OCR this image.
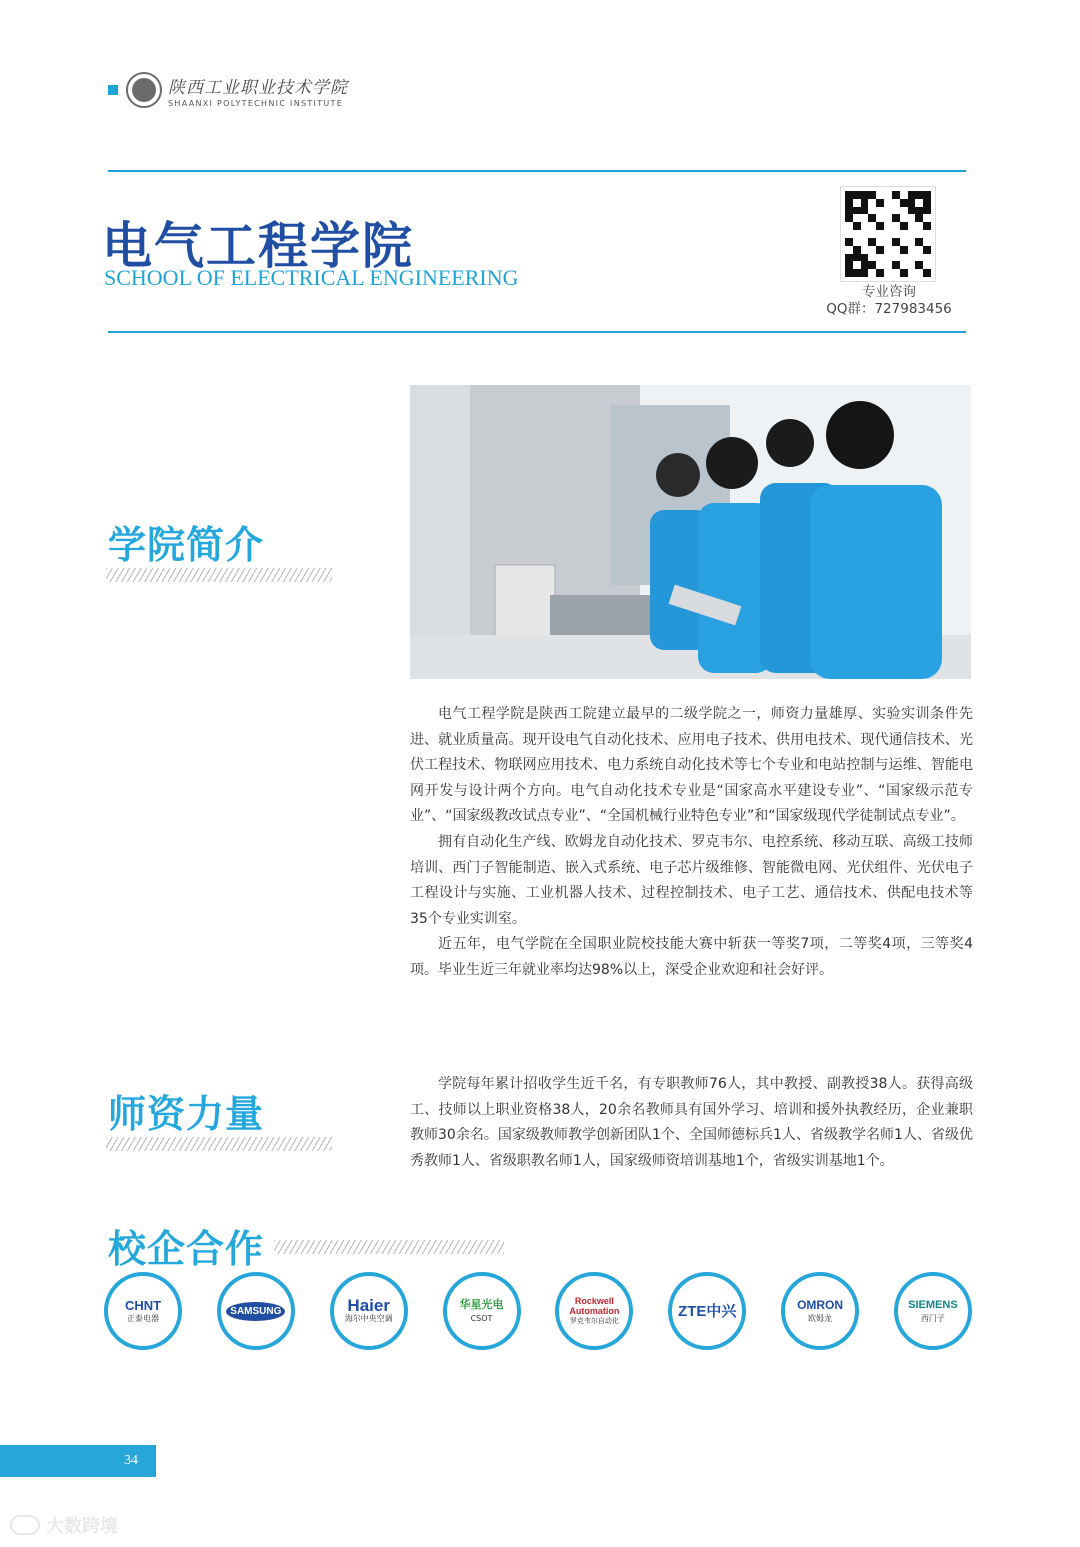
陕西工业职业技术学院
SHAANXI POLYTECHNIC INSTITUTE
电气工程学院
SCHOOL OF ELECTRICAL ENGINEERING
专业咨询
QQ群：727983456
学院简介

电气工程学院是陕西工院建立最早的二级学院之一，师资力量雄厚、实验实训条件先进、就业质量高。现开设电气自动化技术、应用电子技术、供用电技术、现代通信技术、光伏工程技术、物联网应用技术、电力系统自动化技术等七个专业和电站控制与运维、智能电网开发与设计两个方向。电气自动化技术专业是“国家高水平建设专业”、“国家级示范专业”、“国家级教改试点专业”、“全国机械行业特色专业”和“国家级现代学徒制试点专业”。

拥有自动化生产线、欧姆龙自动化技术、罗克韦尔、电控系统、移动互联、高级工技师培训、西门子智能制造、嵌入式系统、电子芯片级维修、智能微电网、光伏组件、光伏电子工程设计与实施、工业机器人技术、过程控制技术、电子工艺、通信技术、供配电技术等35个专业实训室。

近五年，电气学院在全国职业院校技能大赛中斩获一等奖7项，二等奖4项，三等奖4项。毕业生近三年就业率均达98%以上，深受企业欢迎和社会好评。

师资力量

学院每年累计招收学生近千名，有专职教师76人，其中教授、副教授38人。获得高级工、技师以上职业资格38人，20余名教师具有国外学习、培训和援外执教经历，企业兼职教师30余名。国家级教师教学创新团队1个、全国师德标兵1人、省级教学名师1人、省级优秀教师1人、省级职教名师1人，国家级师资培训基地1个，省级实训基地1个。

校企合作
CHNT
正泰电器
SAMSUNG	Haier
海尔中央空调
华星光电
CSOT
Rockwell Automation
罗克韦尔自动化
ZTE中兴	OMRON
欧姆龙
SIEMENS
西门子
34
大数跨境
